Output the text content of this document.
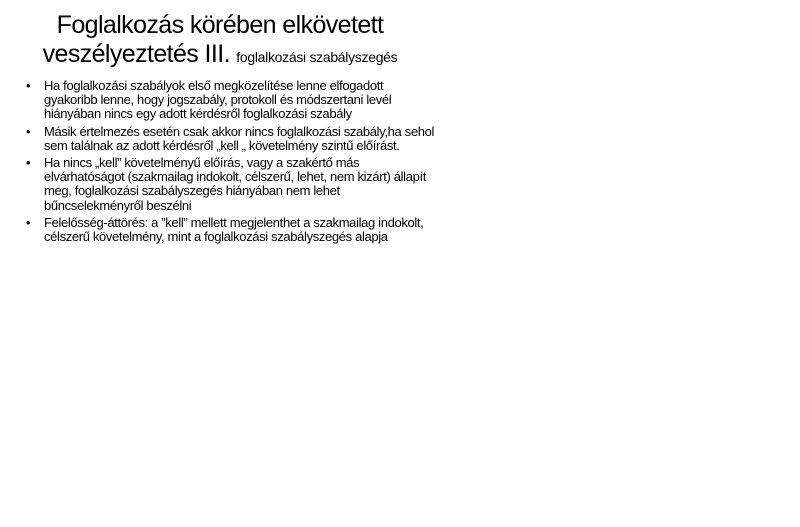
Foglalkozás körében elkövetett
veszélyeztetés III. foglalkozási szabályszegés
• Ha foglalkozási szabályok első megközelítése lenne elfogadott gyakoribb lenne, hogy jogszabály, protokoll és módszertani levél hiányában nincs egy adott kérdésről foglalkozási szabály
• Másik értelmezés esetén csak akkor nincs foglalkozási szabály,ha sehol sem találnak az adott kérdésről „kell „ követelmény szintű előírást.
• Ha nincs „kell” követelményű előírás, vagy a szakértő más elvárhatóságot (szakmailag indokolt, célszerű, lehet, nem kizárt) állapít meg, foglalkozási szabályszegés hiányában nem lehet bűncselekményről beszélni
• Felelősség-áttörés: a ”kell” mellett megjelenthet a szakmailag indokolt, célszerű követelmény, mint a foglalkozási szabályszegés alapja
